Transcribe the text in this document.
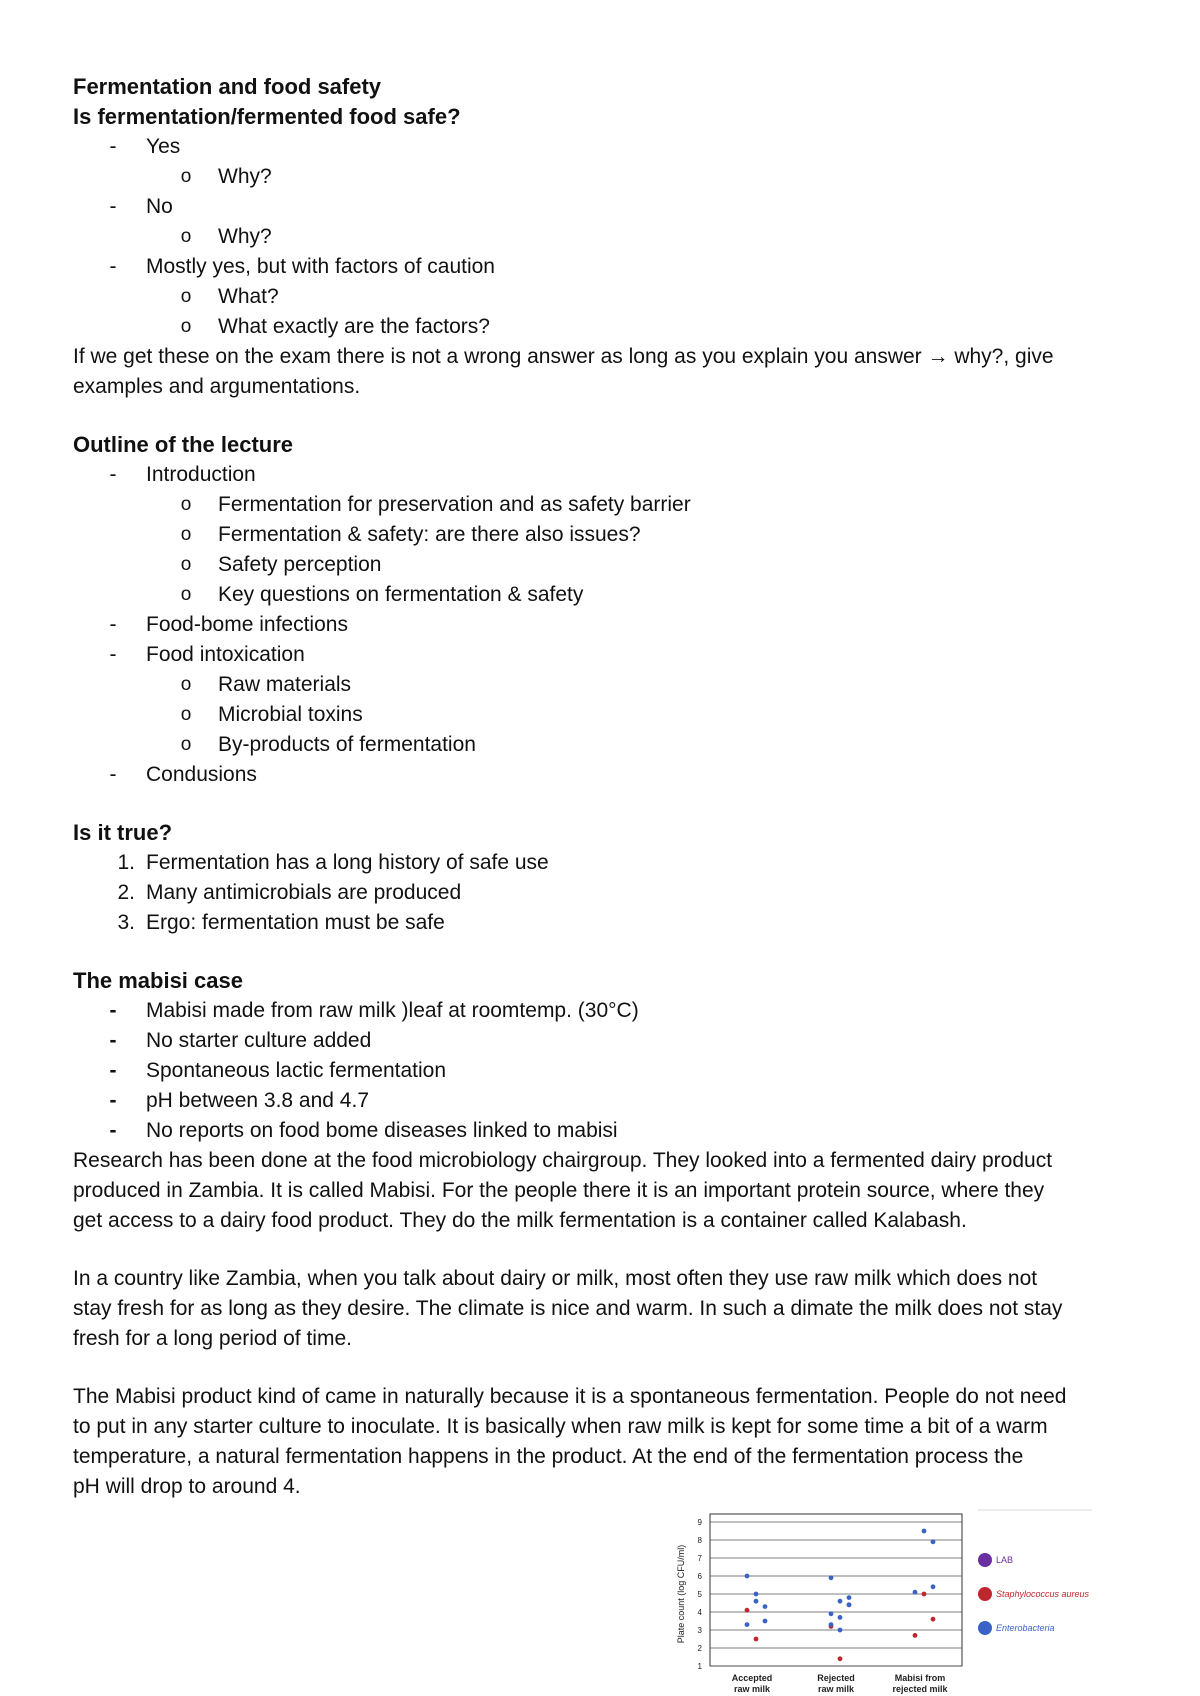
Fermentation and food safety
Is fermentation/fermented food safe?
-	Yes
o Why?
-	No
o Why?
-	Mostly yes, but with factors of caution
o What?
o What exactly are the factors?

If we get these on the exam there is not a wrong answer as long as you explain you answer → why?, give

examples and argumentations.

Outline of the lecture
-	Introduction
o Fermentation for preservation and as safety barrier
o Fermentation & safety: are there also issues?
o Safety perception
o Key questions on fermentation & safety
-	Food-bome infections
-	Food intoxication
o Raw materials
o Microbial toxins
o By-products of fermentation
-	Condusions
Is it true?
1. Fermentation has a long history of safe use
2. Many antimicrobials are produced
3. Ergo: fermentation must be safe
The mabisi case
-	Mabisi made from raw milk )leaf at roomtemp. (30°C)
-	No starter culture added
-	Spontaneous lactic fermentation
-	pH between 3.8 and 4.7
-	No reports on food bome diseases linked to mabisi

Research has been done at the food microbiology chairgroup. They looked into a fermented dairy product

produced in Zambia. It is called Mabisi. For the people there it is an important protein source, where they

get access to a dairy food product. They do the milk fermentation is a container called Kalabash.

In a country like Zambia, when you talk about dairy or milk, most often they use raw milk which does not

stay fresh for as long as they desire. The climate is nice and warm. In such a dimate the milk does not stay

fresh for a long period of time.

The Mabisi product kind of came in naturally because it is a spontaneous fermentation. People do not need

to put in any starter culture to inoculate. It is basically when raw milk is kept for some time a bit of a warm

temperature, a natural fermentation happens in the product. At the end of the fermentation process the

pH will drop to around 4.

1
2
3
4
5
6
7
8
9
Plate count (log CFU/ml)
Accepted
raw milk
Rejected
raw milk
Mabisi from
rejected milk
LAB
Staphylococcus aureus
Enterobacteria
